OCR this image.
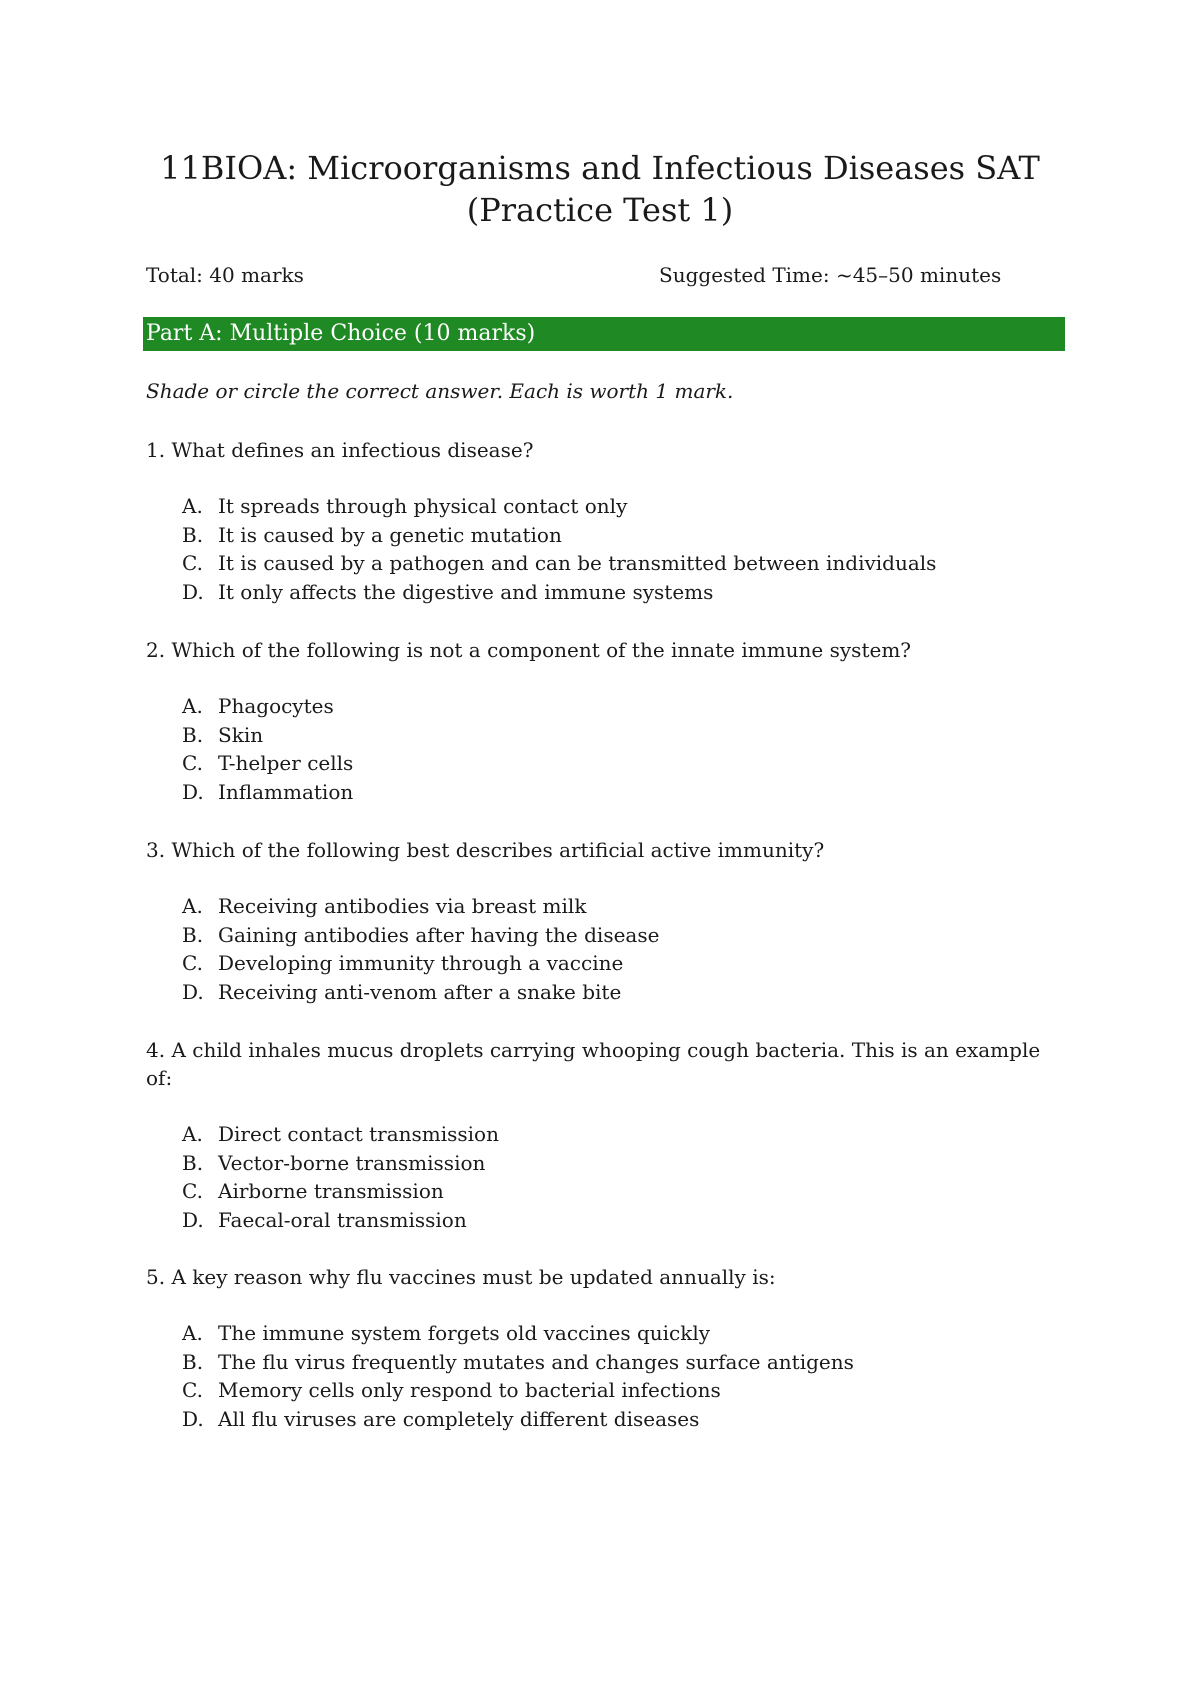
11BIOA: Microorganisms and Infectious Diseases SAT
(Practice Test 1)
Total: 40 marks	Suggested Time: ~45–50 minutes
Part A: Multiple Choice (10 marks)
Shade or circle the correct answer. Each is worth 1 mark.
1. What defines an infectious disease?
A. It spreads through physical contact only
B. It is caused by a genetic mutation
C. It is caused by a pathogen and can be transmitted between individuals
D. It only affects the digestive and immune systems
2. Which of the following is not a component of the innate immune system?
A. Phagocytes
B. Skin
C. T-helper cells
D. Inflammation
3. Which of the following best describes artificial active immunity?
A. Receiving antibodies via breast milk
B. Gaining antibodies after having the disease
C. Developing immunity through a vaccine
D. Receiving anti-venom after a snake bite
4. A child inhales mucus droplets carrying whooping cough bacteria. This is an example of:
A. Direct contact transmission
B. Vector-borne transmission
C. Airborne transmission
D. Faecal-oral transmission
5. A key reason why flu vaccines must be updated annually is:
A. The immune system forgets old vaccines quickly
B. The flu virus frequently mutates and changes surface antigens
C. Memory cells only respond to bacterial infections
D. All flu viruses are completely different diseases
